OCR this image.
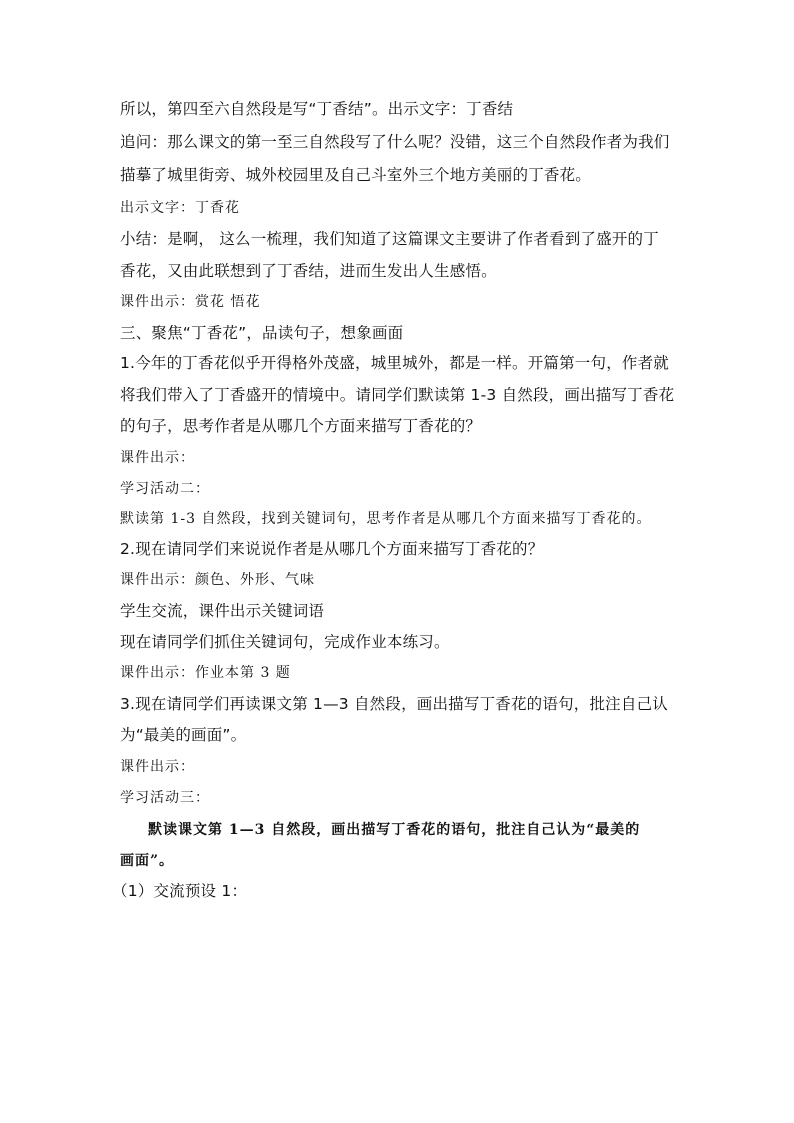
所以，第四至六自然段是写“丁香结”。出示文字：丁香结
追问：那么课文的第一至三自然段写了什么呢？没错，这三个自然段作者为我们
描摹了城里街旁、城外校园里及自己斗室外三个地方美丽的丁香花。
出示文字：丁香花
小结：是啊， 这么一梳理，我们知道了这篇课文主要讲了作者看到了盛开的丁
香花，又由此联想到了丁香结，进而生发出人生感悟。
课件出示：赏花 悟花
三、聚焦“丁香花”，品读句子，想象画面
1.今年的丁香花似乎开得格外茂盛，城里城外，都是一样。开篇第一句，作者就
将我们带入了丁香盛开的情境中。请同学们默读第 1-3 自然段，画出描写丁香花
的句子，思考作者是从哪几个方面来描写丁香花的？
课件出示：
学习活动二：
默读第 1-3 自然段，找到关键词句，思考作者是从哪几个方面来描写丁香花的。
2.现在请同学们来说说作者是从哪几个方面来描写丁香花的？
课件出示：颜色、外形、气味
学生交流，课件出示关键词语
现在请同学们抓住关键词句，完成作业本练习。
课件出示：作业本第 3 题
3.现在请同学们再读课文第 1—3 自然段，画出描写丁香花的语句，批注自己认
为“最美的画面”。
课件出示：
学习活动三：
默读课文第 1—3 自然段，画出描写丁香花的语句，批注自己认为“最美的
画面”。
（1）交流预设 1：
